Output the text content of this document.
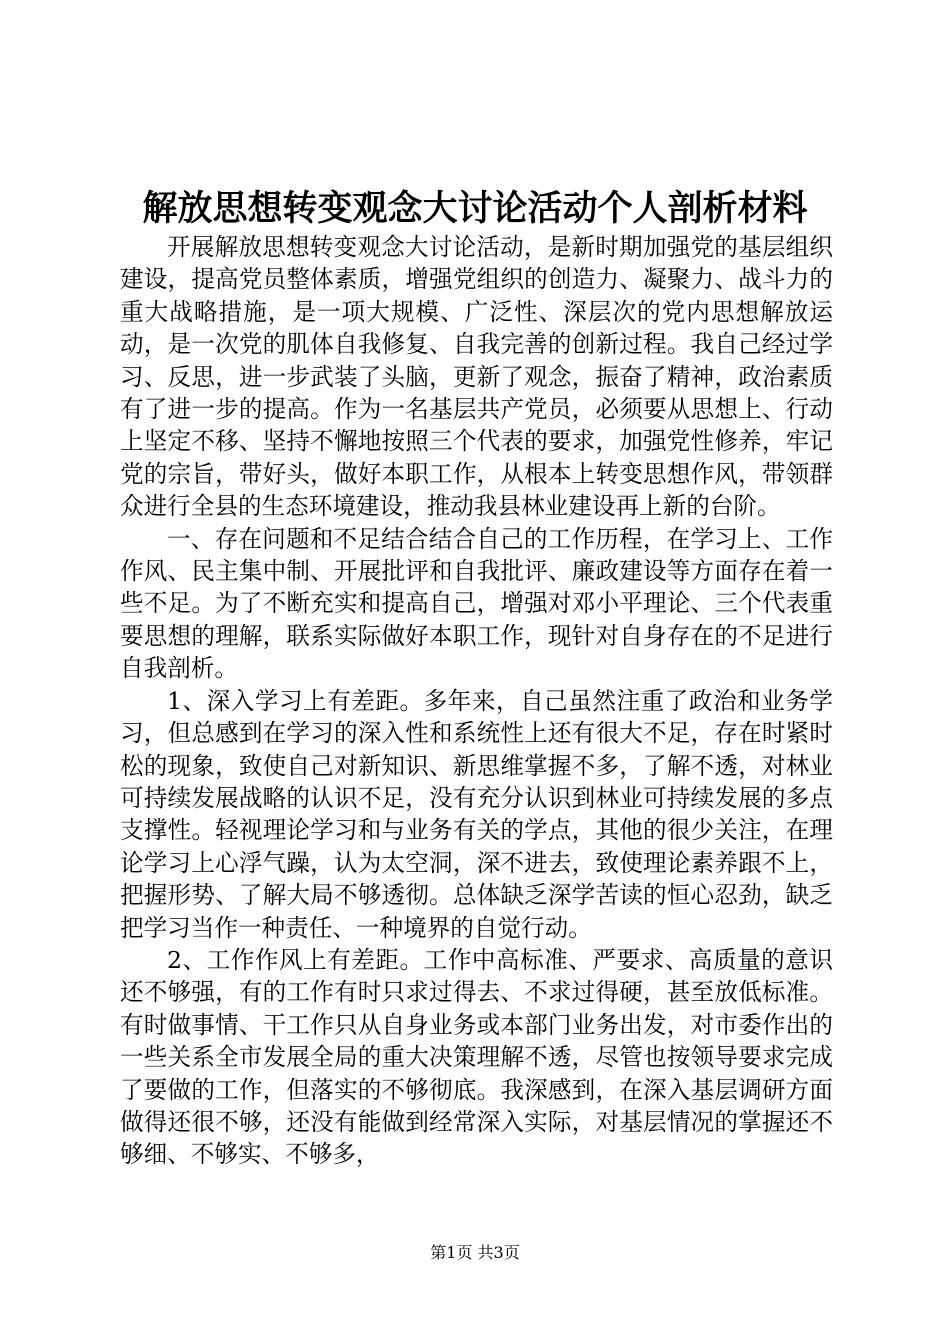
解放思想转变观念大讨论活动个人剖析材料

开展解放思想转变观念大讨论活动，是新时期加强党的基层组织建设，提高党员整体素质，增强党组织的创造力、凝聚力、战斗力的重大战略措施，是一项大规模、广泛性、深层次的党内思想解放运动，是一次党的肌体自我修复、自我完善的创新过程。我自己经过学习、反思，进一步武装了头脑，更新了观念，振奋了精神，政治素质有了进一步的提高。作为一名基层共产党员，必须要从思想上、行动上坚定不移、坚持不懈地按照三个代表的要求，加强党性修养，牢记党的宗旨，带好头，做好本职工作，从根本上转变思想作风，带领群众进行全县的生态环境建设，推动我县林业建设再上新的台阶。

一、存在问题和不足结合结合自己的工作历程，在学习上、工作作风、民主集中制、开展批评和自我批评、廉政建设等方面存在着一些不足。为了不断充实和提高自己，增强对邓小平理论、三个代表重要思想的理解，联系实际做好本职工作，现针对自身存在的不足进行自我剖析。

1、深入学习上有差距。多年来，自己虽然注重了政治和业务学习，但总感到在学习的深入性和系统性上还有很大不足，存在时紧时松的现象，致使自己对新知识、新思维掌握不多，了解不透，对林业可持续发展战略的认识不足，没有充分认识到林业可持续发展的多点支撑性。轻视理论学习和与业务有关的学点，其他的很少关注，在理论学习上心浮气躁，认为太空洞，深不进去，致使理论素养跟不上，把握形势、了解大局不够透彻。总体缺乏深学苦读的恒心忍劲，缺乏把学习当作一种责任、一种境界的自觉行动。

2、工作作风上有差距。工作中高标准、严要求、高质量的意识还不够强，有的工作有时只求过得去、不求过得硬，甚至放低标准。有时做事情、干工作只从自身业务或本部门业务出发，对市委作出的一些关系全市发展全局的重大决策理解不透，尽管也按领导要求完成了要做的工作，但落实的不够彻底。我深感到，在深入基层调研方面做得还很不够，还没有能做到经常深入实际，对基层情况的掌握还不够细、不够实、不够多，

第1页 共3页
